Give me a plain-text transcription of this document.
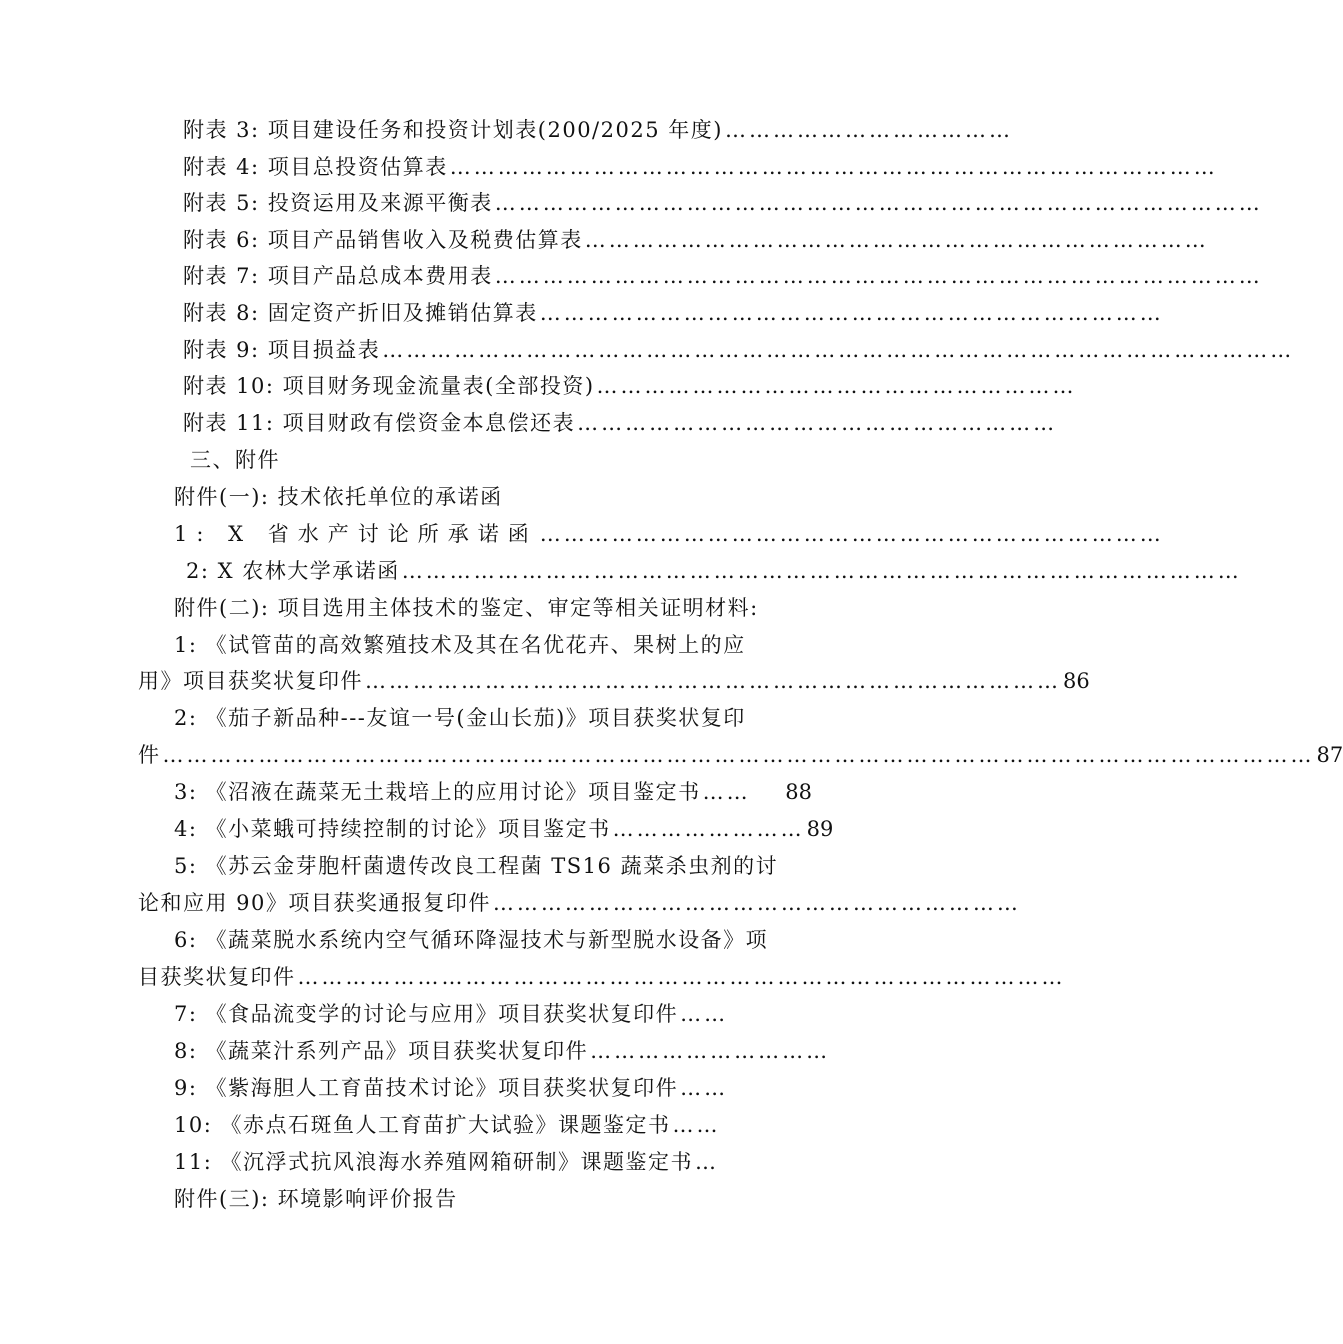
附表 3: 项目建设任务和投资计划表(200/2025 年度) ………………………………
附表 4: 项目总投资估算表 ……………………………………………………………………………………
附表 5: 投资运用及来源平衡表 ……………………………………………………………………………………
附表 6: 项目产品销售收入及税费估算表 ……………………………………………………………………
附表 7: 项目产品总成本费用表 ……………………………………………………………………………………
附表 8: 固定资产折旧及摊销估算表 ……………………………………………………………………
附表 9: 项目损益表 ……………………………………………………………………………………………………
附表 10: 项目财务现金流量表(全部投资) ……………………………………………………
附表 11: 项目财政有偿资金本息偿还表 ……………………………………………………
三、附件
附件(一): 技术依托单位的承诺函
1: X 省水产讨论所承诺函 ……………………………………………………………………
2: X 农林大学承诺函 ……………………………………………………………………………………………
附件(二): 项目选用主体技术的鉴定、审定等相关证明材料:
1: 《试管苗的高效繁殖技术及其在名优花卉、果树上的应
用》项目获奖状复印件 …………………………………………………………………………… 86
2: 《茄子新品种---友谊一号(金山长茄)》项目获奖状复印
件 ……………………………………………………………………………………………………………………………… 87
3: 《沼液在蔬菜无土栽培上的应用讨论》项目鉴定书 ……	88
4: 《小菜蛾可持续控制的讨论》项目鉴定书 …………………… 89
5: 《苏云金芽胞杆菌遗传改良工程菌 TS16 蔬菜杀虫剂的讨
论和应用 90》项目获奖通报复印件 …………………………………………………………
6: 《蔬菜脱水系统内空气循环降湿技术与新型脱水设备》项
目获奖状复印件 ……………………………………………………………………………………
7: 《食品流变学的讨论与应用》项目获奖状复印件 ……
8: 《蔬菜汁系列产品》项目获奖状复印件 …………………………
9: 《紫海胆人工育苗技术讨论》项目获奖状复印件 ……
10: 《赤点石斑鱼人工育苗扩大试验》课题鉴定书 ……
11: 《沉浮式抗风浪海水养殖网箱研制》课题鉴定书 …
附件(三): 环境影响评价报告
